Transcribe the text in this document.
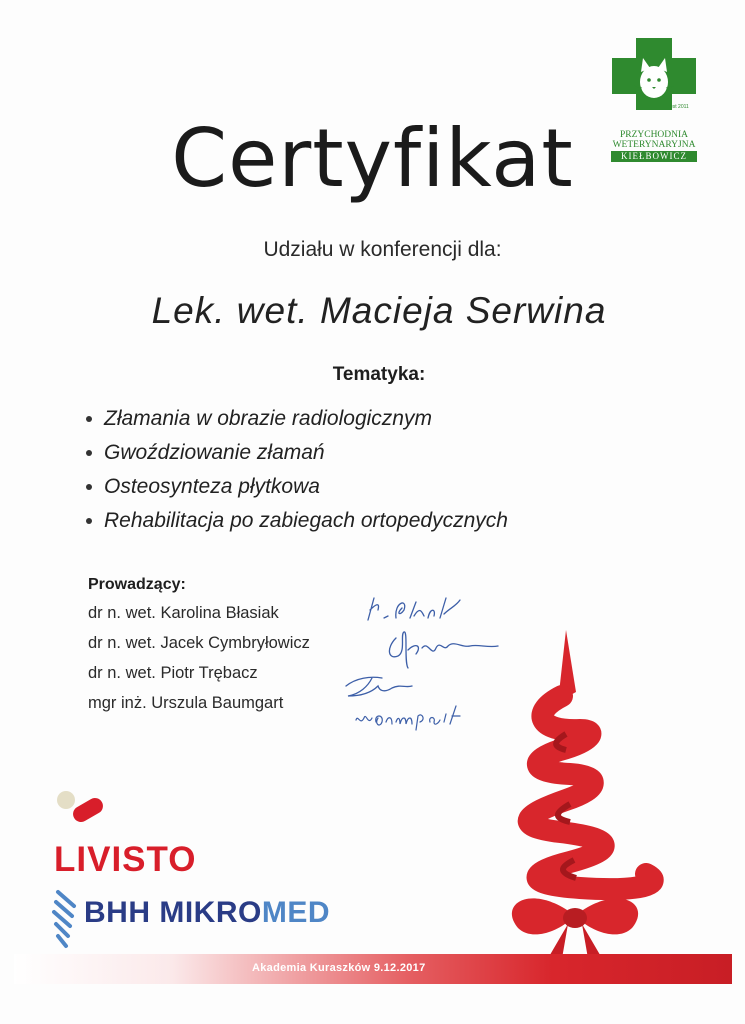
est 2011
PRZYCHODNIA
WETERYNARYJNA
KIEŁBOWICZ
Certyfikat
Udziału w konferencji dla:
Lek. wet. Macieja Serwina
Tematyka:
Złamania w obrazie radiologicznym
Gwoździowanie złamań
Osteosynteza płytkowa
Rehabilitacja po zabiegach ortopedycznych
Prowadzący:
dr n. wet. Karolina Błasiak
dr n. wet. Jacek Cymbryłowicz
dr n. wet. Piotr Trębacz
mgr inż. Urszula Baumgart
LIVISTO
BHH MIKROMED
Akademia Kuraszków 9.12.2017
